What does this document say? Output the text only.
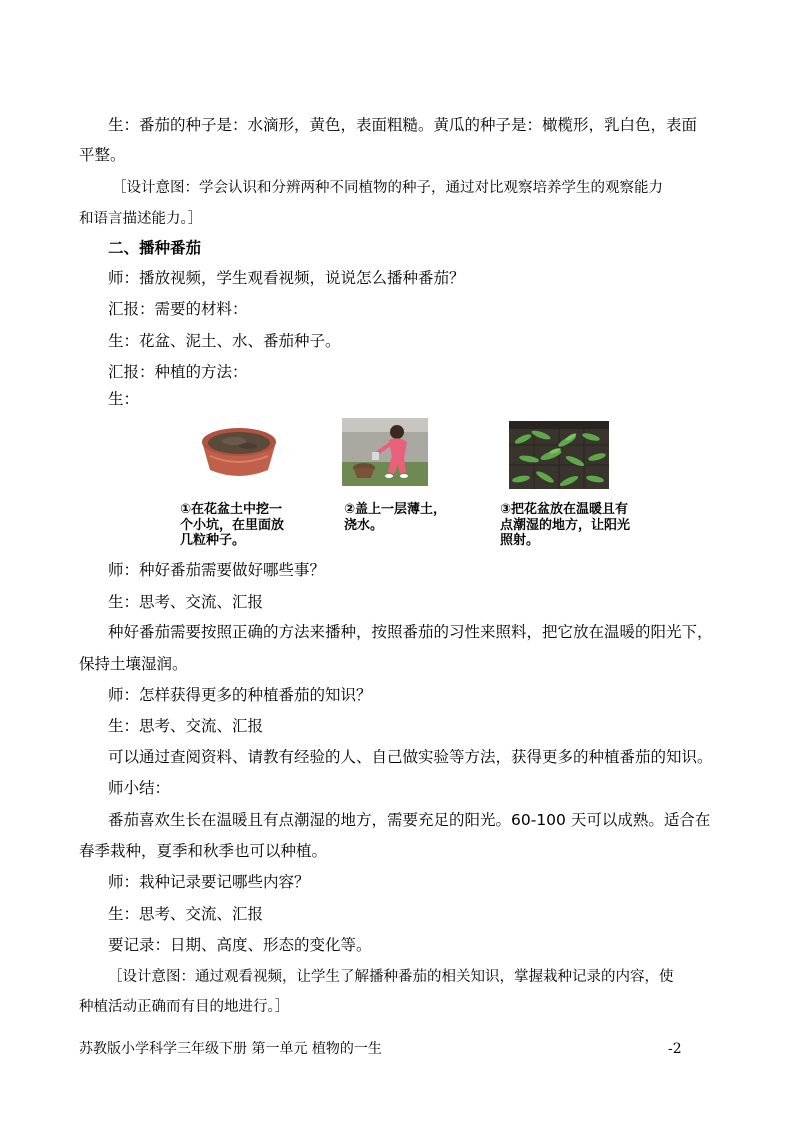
生：番茄的种子是：水滴形，黄色，表面粗糙。黄瓜的种子是：橄榄形，乳白色，表面
平整。
［设计意图：学会认识和分辨两种不同植物的种子，通过对比观察培养学生的观察能力
和语言描述能力。］
二、播种番茄
师：播放视频，学生观看视频，说说怎么播种番茄？
汇报：需要的材料：
生：花盆、泥土、水、番茄种子。
汇报：种植的方法：
生：
①在花盆土中挖一
个小坑，在里面放
几粒种子。
②盖上一层薄土，
浇水。
③把花盆放在温暖且有
点潮湿的地方，让阳光
照射。
师：种好番茄需要做好哪些事？
生：思考、交流、汇报
种好番茄需要按照正确的方法来播种，按照番茄的习性来照料，把它放在温暖的阳光下，
保持土壤湿润。
师：怎样获得更多的种植番茄的知识？
生：思考、交流、汇报
可以通过查阅资料、请教有经验的人、自己做实验等方法，获得更多的种植番茄的知识。
师小结：
番茄喜欢生长在温暖且有点潮湿的地方，需要充足的阳光。60-100 天可以成熟。适合在
春季栽种，夏季和秋季也可以种植。
师：栽种记录要记哪些内容？
生：思考、交流、汇报
要记录：日期、高度、形态的变化等。
［设计意图：通过观看视频，让学生了解播种番茄的相关知识，掌握栽种记录的内容，使
种植活动正确而有目的地进行。］
苏教版小学科学三年级下册 第一单元 植物的一生	-2
